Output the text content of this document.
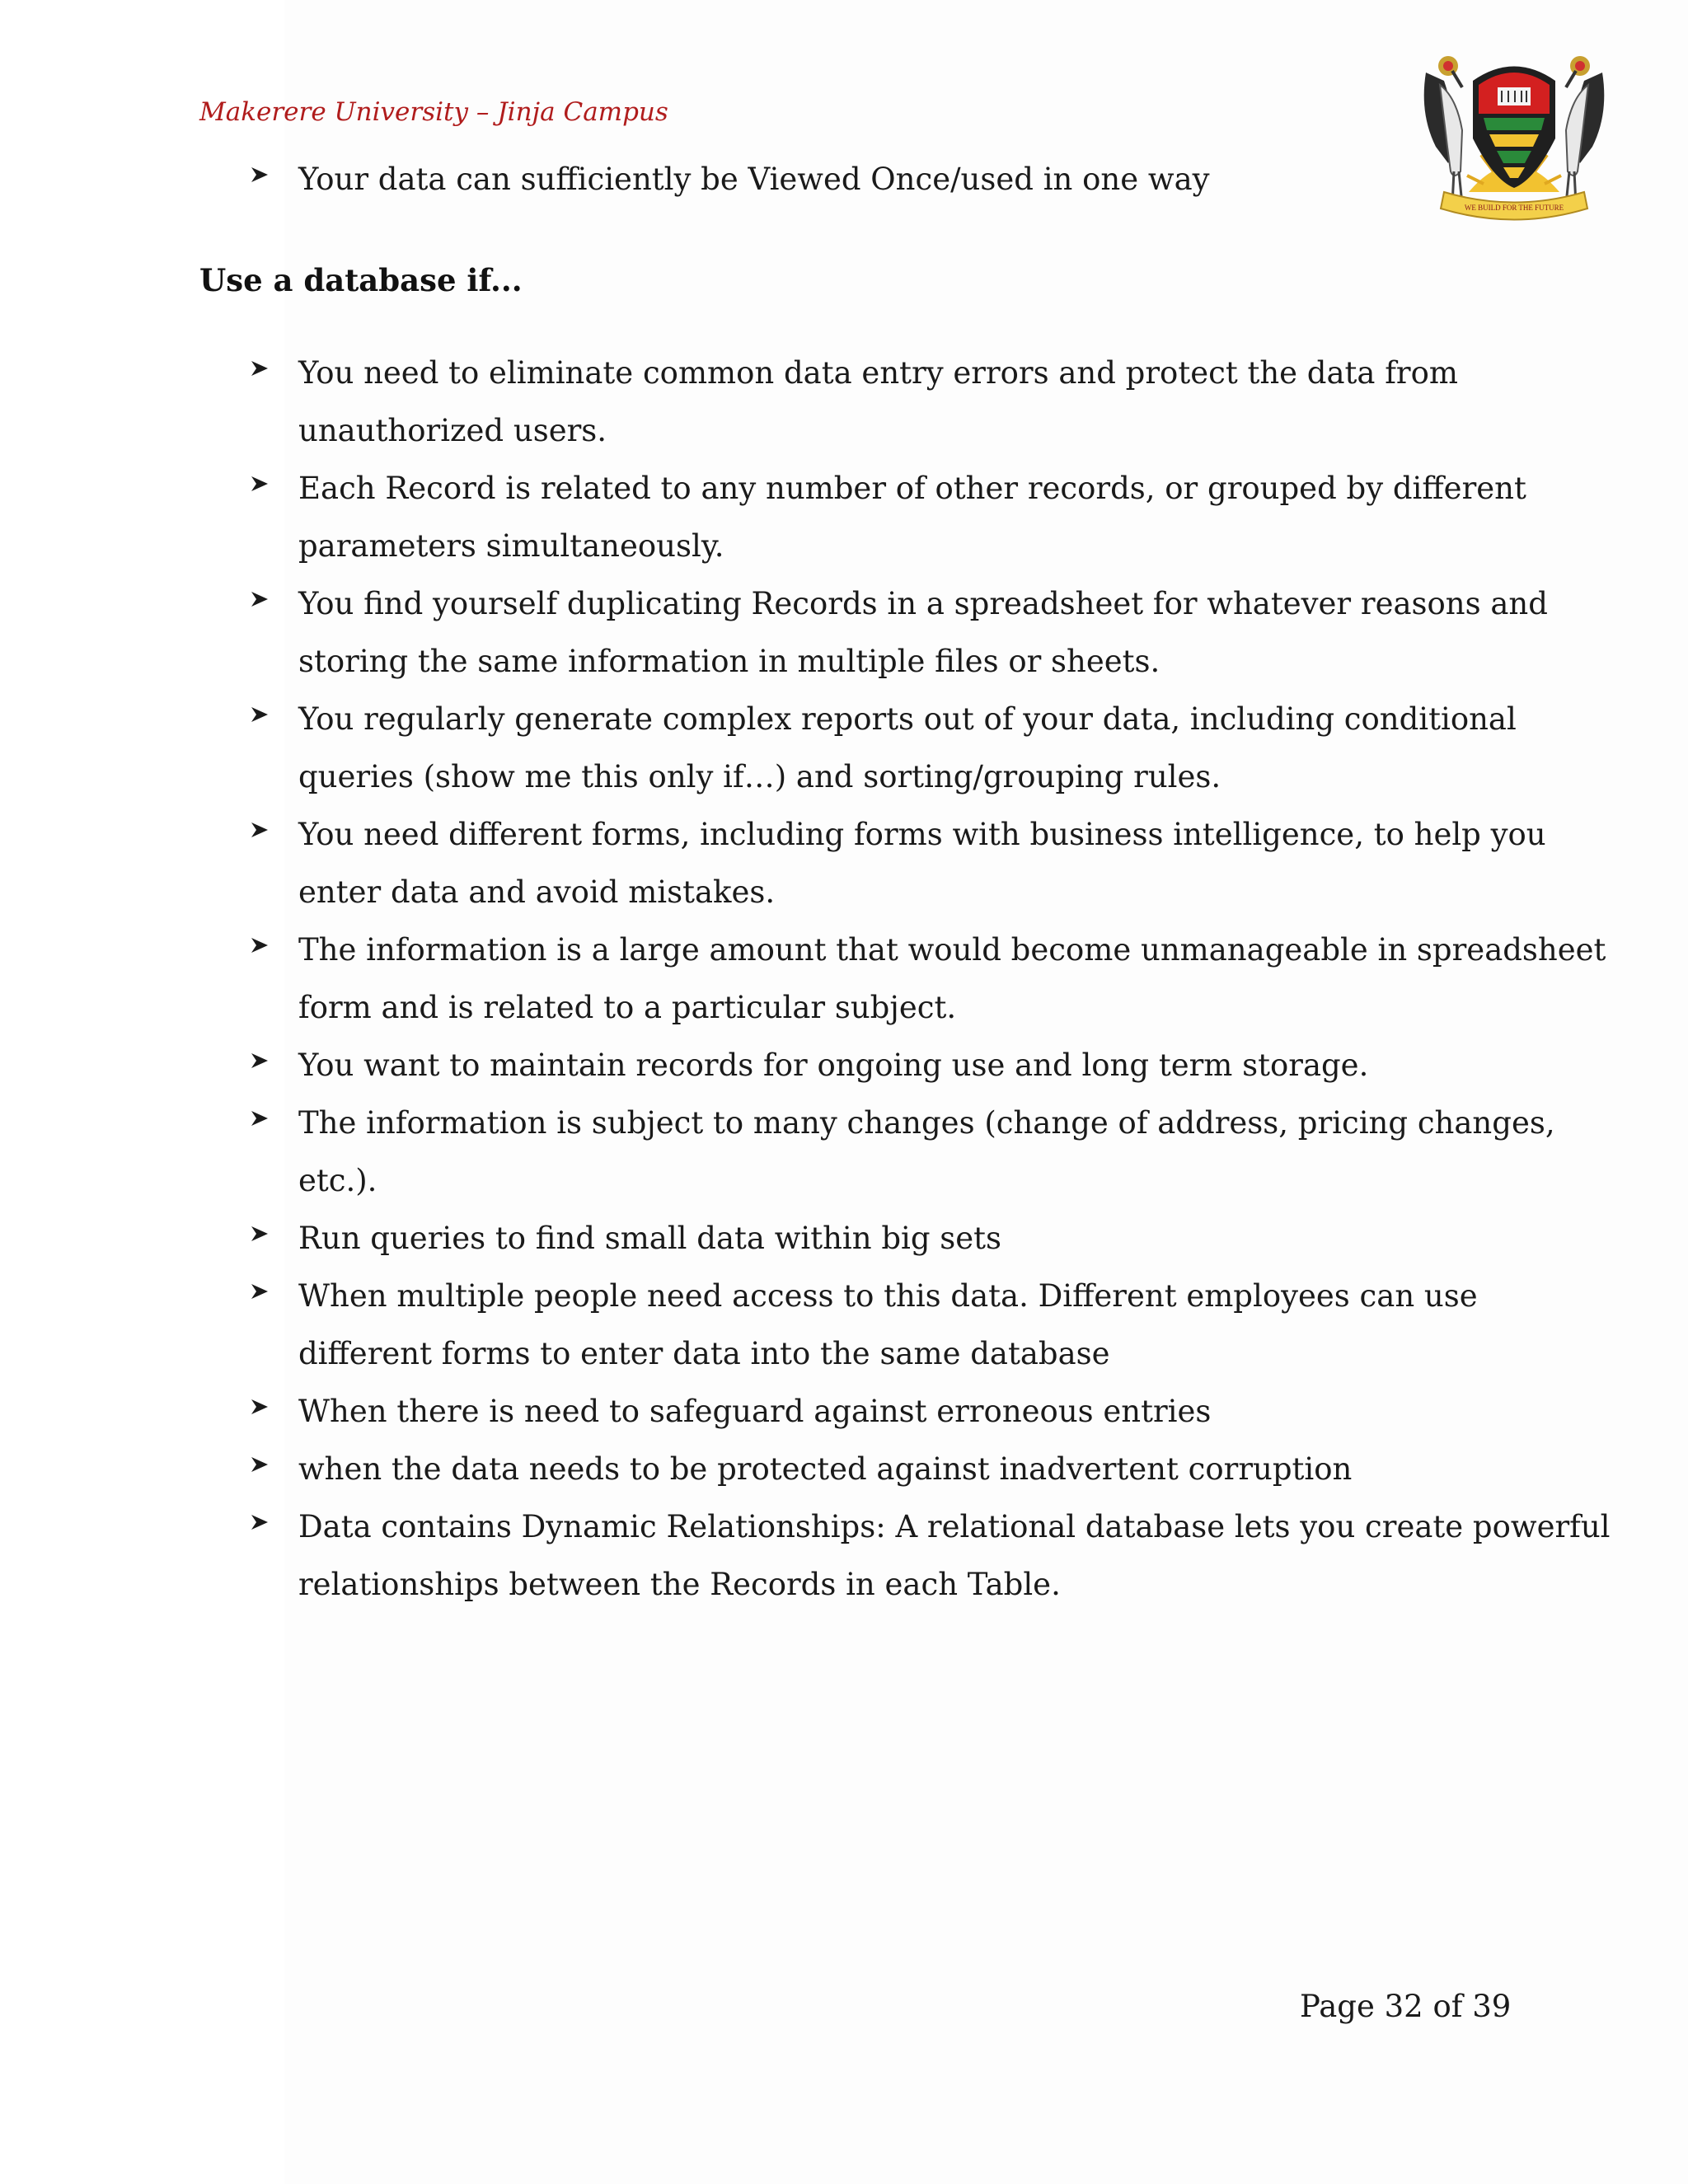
Makerere University – Jinja Campus
WE BUILD FOR THE FUTURE
Your data can sufficiently be Viewed Once/used in one way
Use a database if...
You need to eliminate common data entry errors and protect the data from
unauthorized users.
Each Record is related to any number of other records, or grouped by different
parameters simultaneously.
You find yourself duplicating Records in a spreadsheet for whatever reasons and
storing the same information in multiple files or sheets.
You regularly generate complex reports out of your data, including conditional
queries (show me this only if…) and sorting/grouping rules.
You need different forms, including forms with business intelligence, to help you
enter data and avoid mistakes.
The information is a large amount that would become unmanageable in spreadsheet
form and is related to a particular subject.
You want to maintain records for ongoing use and long term storage.
The information is subject to many changes (change of address, pricing changes,
etc.).
Run queries to find small data within big sets
When multiple people need access to this data. Different employees can use
different forms to enter data into the same database
When there is need to safeguard against erroneous entries
when the data needs to be protected against inadvertent corruption
Data contains Dynamic Relationships: A relational database lets you create powerful
relationships between the Records in each Table.
Page 32 of 39
